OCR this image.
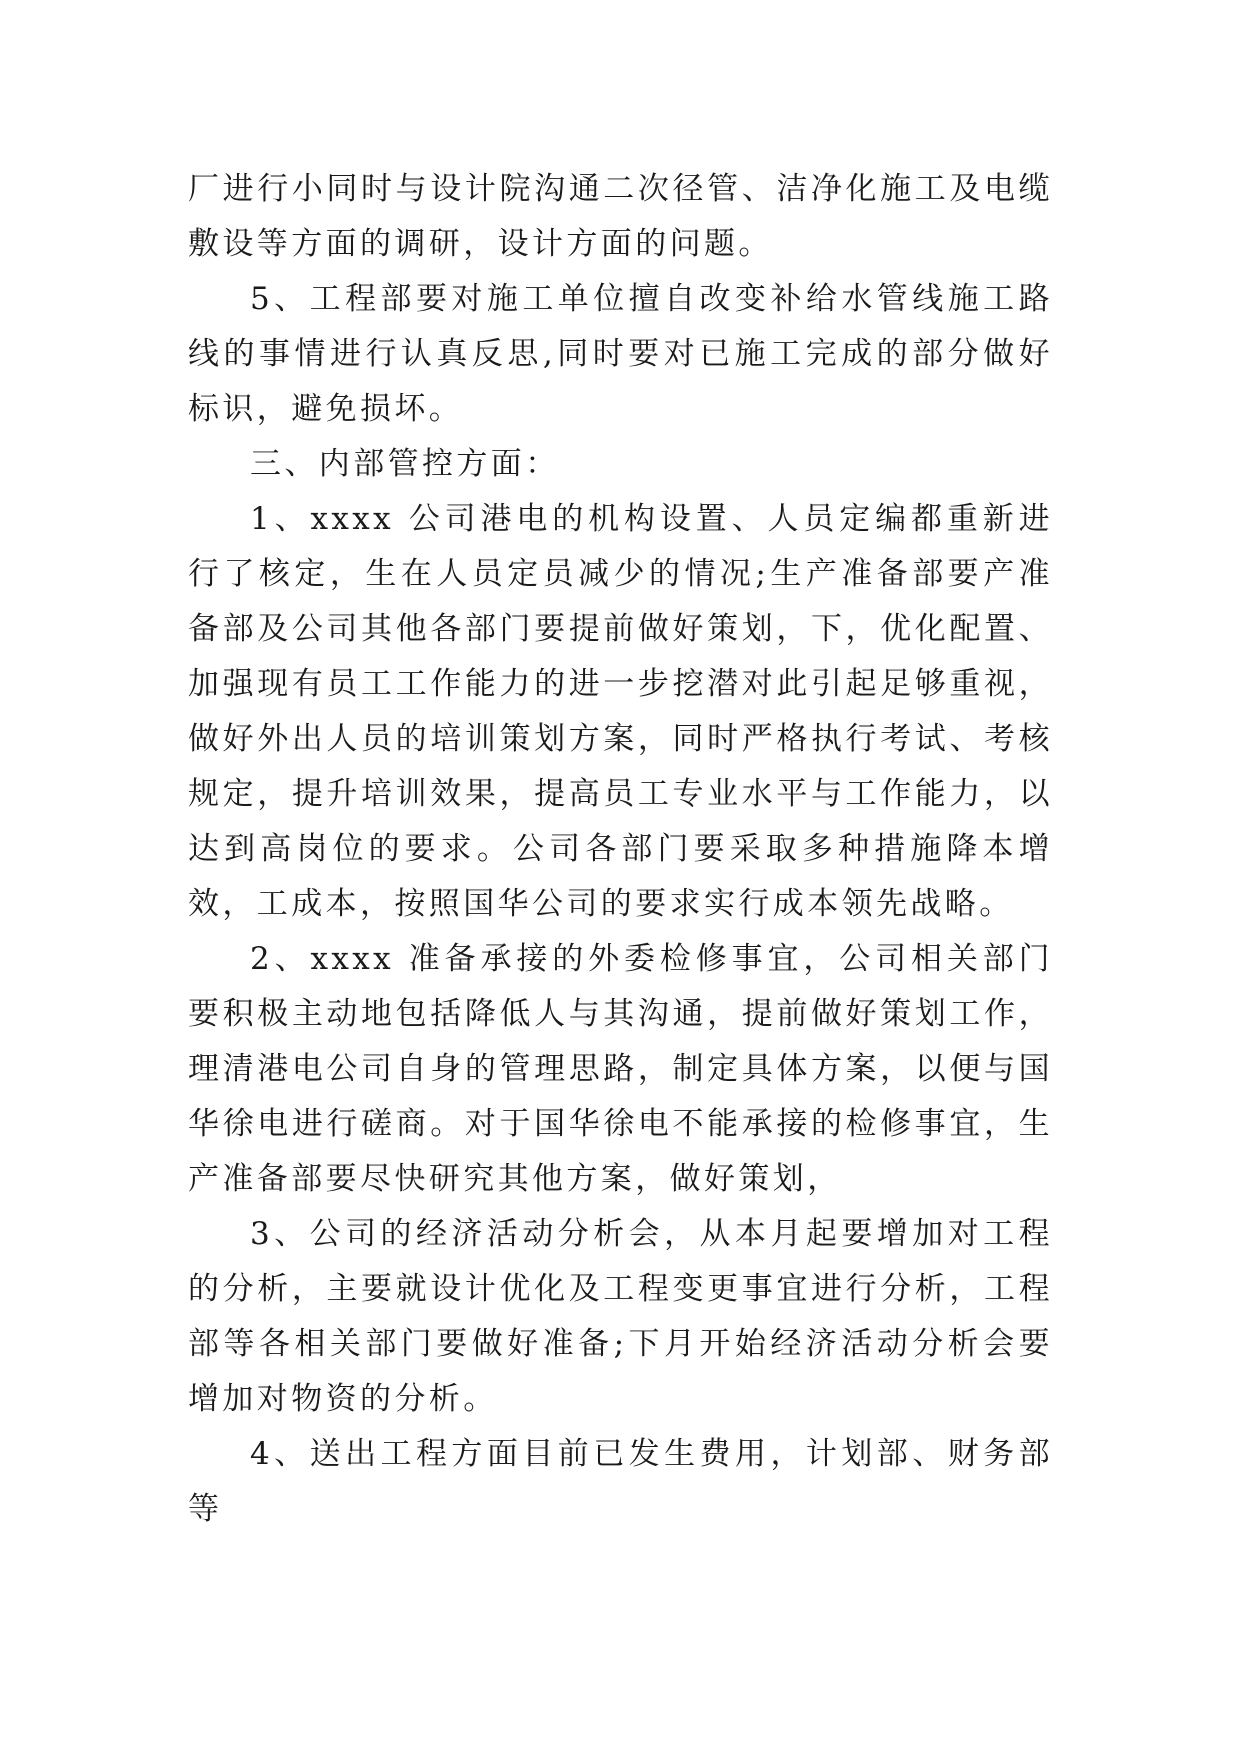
厂进行小同时与设计院沟通二次径管、洁净化施工及电缆敷设等方面的调研，设计方面的问题。

5、工程部要对施工单位擅自改变补给水管线施工路线的事情进行认真反思,同时要对已施工完成的部分做好标识，避免损坏。

三、内部管控方面：

1、xxxx 公司港电的机构设置、人员定编都重新进行了核定，生在人员定员减少的情况;生产准备部要产准备部及公司其他各部门要提前做好策划，下，优化配置、加强现有员工工作能力的进一步挖潜对此引起足够重视，做好外出人员的培训策划方案，同时严格执行考试、考核规定，提升培训效果，提高员工专业水平与工作能力，以达到高岗位的要求。公司各部门要采取多种措施降本增效，工成本，按照国华公司的要求实行成本领先战略。

2、xxxx 准备承接的外委检修事宜，公司相关部门要积极主动地包括降低人与其沟通，提前做好策划工作，理清港电公司自身的管理思路，制定具体方案，以便与国华徐电进行磋商。对于国华徐电不能承接的检修事宜，生产准备部要尽快研究其他方案，做好策划，

3、公司的经济活动分析会，从本月起要增加对工程的分析，主要就设计优化及工程变更事宜进行分析，工程部等各相关部门要做好准备;下月开始经济活动分析会要增加对物资的分析。

4、送出工程方面目前已发生费用，计划部、财务部等
